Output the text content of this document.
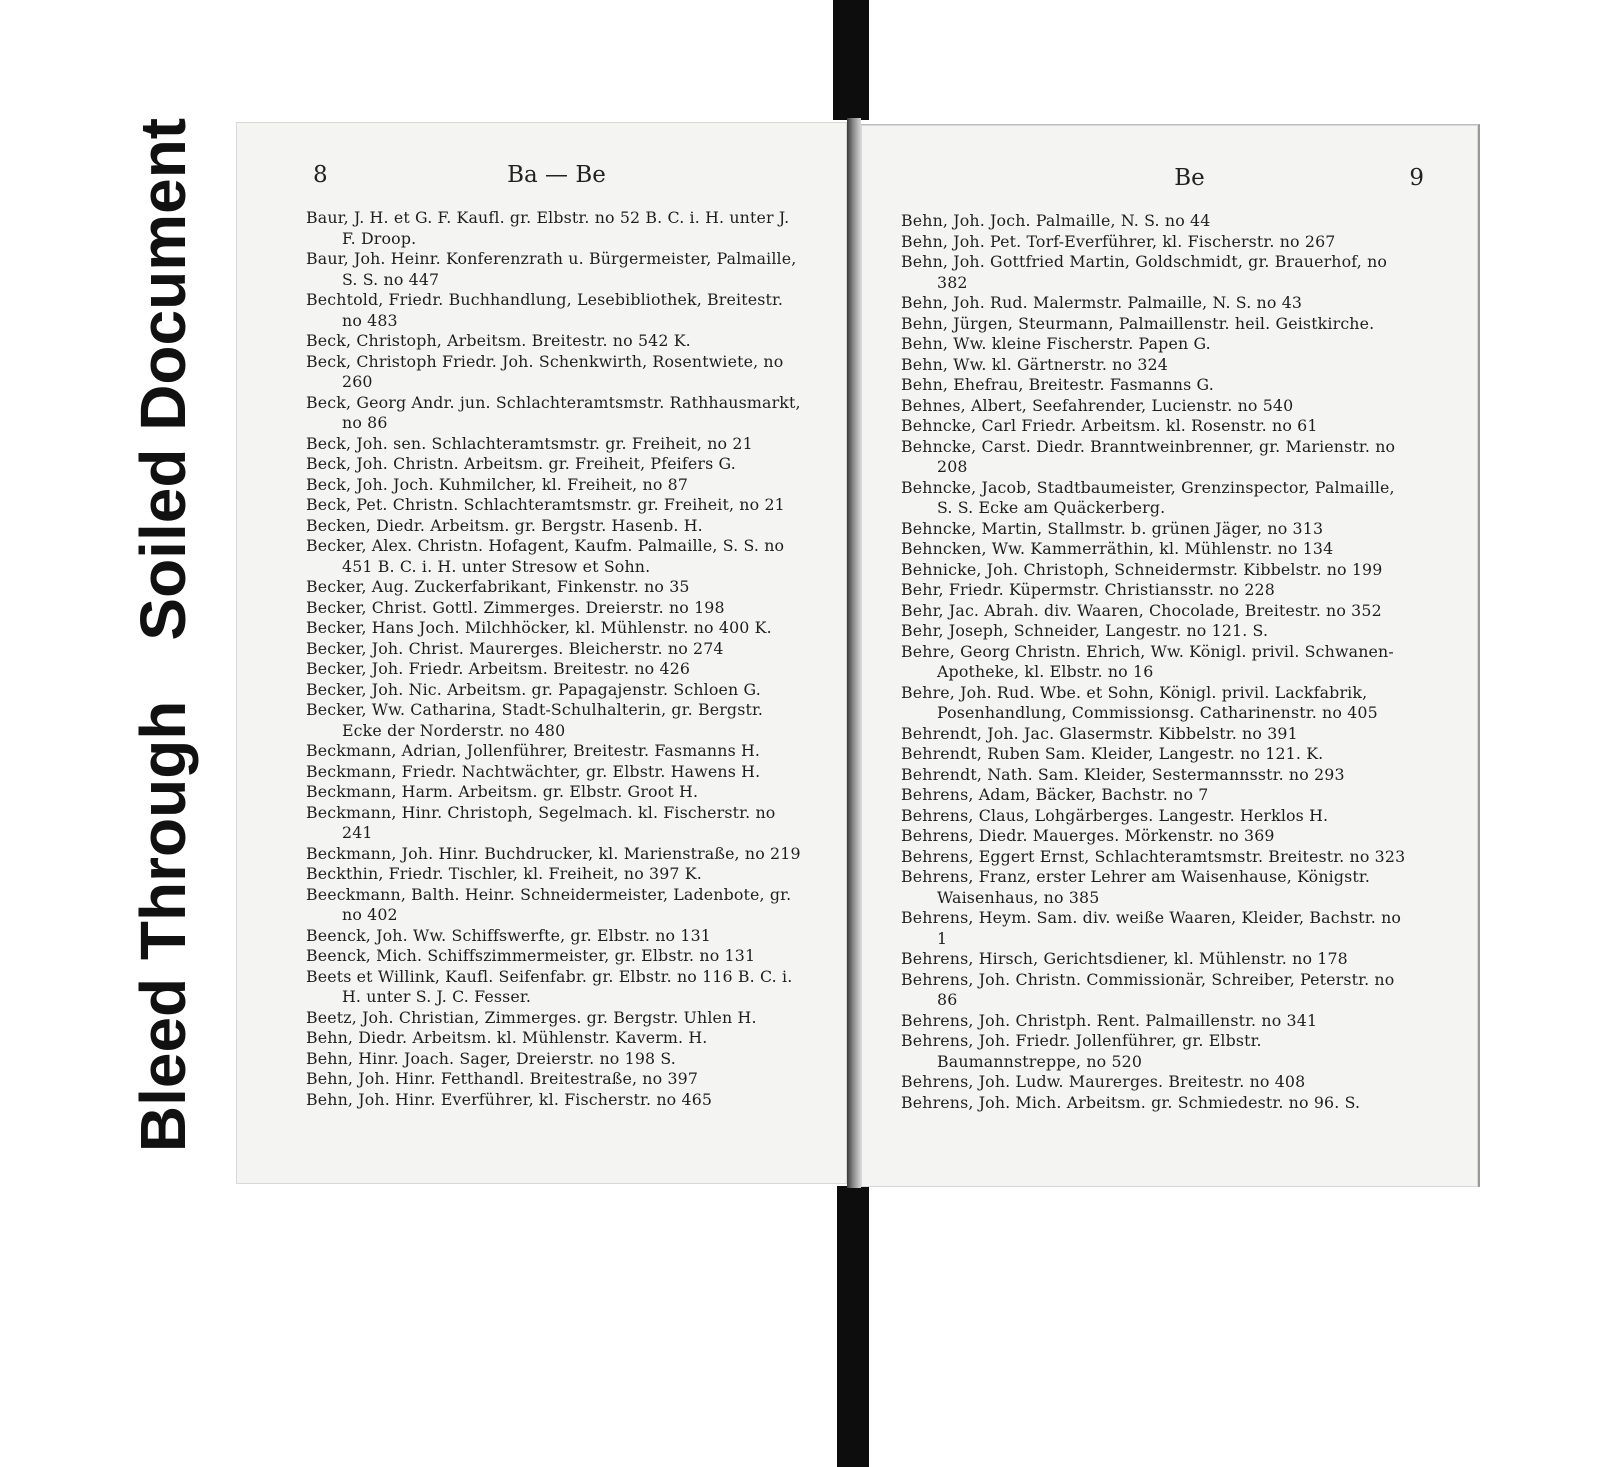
Bleed Through
Soiled Document	8	Ba — Be

Baur, J. H. et G. F. Kaufl. gr. Elbstr. no 52 B. C. i. H. unter J. F. Droop.

Baur, Joh. Heinr. Konferenzrath u. Bürgermeister, Palmaille, S. S. no 447

Bechtold, Friedr. Buchhandlung, Lesebibliothek, Breitestr. no 483

Beck, Christoph, Arbeitsm. Breitestr. no 542 K.

Beck, Christoph Friedr. Joh. Schenkwirth, Rosentwiete, no 260

Beck, Georg Andr. jun. Schlachteramtsmstr. Rathhausmarkt, no 86

Beck, Joh. sen. Schlachteramtsmstr. gr. Freiheit, no 21

Beck, Joh. Christn. Arbeitsm. gr. Freiheit, Pfeifers G.

Beck, Joh. Joch. Kuhmilcher, kl. Freiheit, no 87

Beck, Pet. Christn. Schlachteramtsmstr. gr. Freiheit, no 21

Becken, Diedr. Arbeitsm. gr. Bergstr. Hasenb. H.

Becker, Alex. Christn. Hofagent, Kaufm. Palmaille, S. S. no 451 B. C. i. H. unter Stresow et Sohn.

Becker, Aug. Zuckerfabrikant, Finkenstr. no 35

Becker, Christ. Gottl. Zimmerges. Dreierstr. no 198

Becker, Hans Joch. Milchhöcker, kl. Mühlenstr. no 400 K.

Becker, Joh. Christ. Maurerges. Bleicherstr. no 274

Becker, Joh. Friedr. Arbeitsm. Breitestr. no 426

Becker, Joh. Nic. Arbeitsm. gr. Papagajenstr. Schloen G.

Becker, Ww. Catharina, Stadt-Schulhalterin, gr. Bergstr. Ecke der Norderstr. no 480

Beckmann, Adrian, Jollenführer, Breitestr. Fasmanns H.

Beckmann, Friedr. Nachtwächter, gr. Elbstr. Hawens H.

Beckmann, Harm. Arbeitsm. gr. Elbstr. Groot H.

Beckmann, Hinr. Christoph, Segelmach. kl. Fischerstr. no 241

Beckmann, Joh. Hinr. Buchdrucker, kl. Marienstraße, no 219

Beckthin, Friedr. Tischler, kl. Freiheit, no 397 K.

Beeckmann, Balth. Heinr. Schneidermeister, Ladenbote, gr. no 402

Beenck, Joh. Ww. Schiffswerfte, gr. Elbstr. no 131

Beenck, Mich. Schiffszimmermeister, gr. Elbstr. no 131

Beets et Willink, Kaufl. Seifenfabr. gr. Elbstr. no 116 B. C. i. H. unter S. J. C. Fesser.

Beetz, Joh. Christian, Zimmerges. gr. Bergstr. Uhlen H.

Behn, Diedr. Arbeitsm. kl. Mühlenstr. Kaverm. H.

Behn, Hinr. Joach. Sager, Dreierstr. no 198 S.

Behn, Joh. Hinr. Fetthandl. Breitestraße, no 397

Behn, Joh. Hinr. Everführer, kl. Fischerstr. no 465

Be	9

Behn, Joh. Joch. Palmaille, N. S. no 44

Behn, Joh. Pet. Torf-Everführer, kl. Fischerstr. no 267

Behn, Joh. Gottfried Martin, Goldschmidt, gr. Brauerhof, no 382

Behn, Joh. Rud. Malermstr. Palmaille, N. S. no 43

Behn, Jürgen, Steurmann, Palmaillenstr. heil. Geistkirche.

Behn, Ww. kleine Fischerstr. Papen G.

Behn, Ww. kl. Gärtnerstr. no 324

Behn, Ehefrau, Breitestr. Fasmanns G.

Behnes, Albert, Seefahrender, Lucienstr. no 540

Behncke, Carl Friedr. Arbeitsm. kl. Rosenstr. no 61

Behncke, Carst. Diedr. Branntweinbrenner, gr. Marienstr. no 208

Behncke, Jacob, Stadtbaumeister, Grenzinspector, Palmaille, S. S. Ecke am Quäckerberg.

Behncke, Martin, Stallmstr. b. grünen Jäger, no 313

Behncken, Ww. Kammerräthin, kl. Mühlenstr. no 134

Behnicke, Joh. Christoph, Schneidermstr. Kibbelstr. no 199

Behr, Friedr. Küpermstr. Christiansstr. no 228

Behr, Jac. Abrah. div. Waaren, Chocolade, Breitestr. no 352

Behr, Joseph, Schneider, Langestr. no 121. S.

Behre, Georg Christn. Ehrich, Ww. Königl. privil. Schwanen-Apotheke, kl. Elbstr. no 16

Behre, Joh. Rud. Wbe. et Sohn, Königl. privil. Lackfabrik, Posenhandlung, Commissionsg. Catharinenstr. no 405

Behrendt, Joh. Jac. Glasermstr. Kibbelstr. no 391

Behrendt, Ruben Sam. Kleider, Langestr. no 121. K.

Behrendt, Nath. Sam. Kleider, Sestermannsstr. no 293

Behrens, Adam, Bäcker, Bachstr. no 7

Behrens, Claus, Lohgärberges. Langestr. Herklos H.

Behrens, Diedr. Mauerges. Mörkenstr. no 369

Behrens, Eggert Ernst, Schlachteramtsmstr. Breitestr. no 323

Behrens, Franz, erster Lehrer am Waisenhause, Königstr. Waisenhaus, no 385

Behrens, Heym. Sam. div. weiße Waaren, Kleider, Bachstr. no 1

Behrens, Hirsch, Gerichtsdiener, kl. Mühlenstr. no 178

Behrens, Joh. Christn. Commissionär, Schreiber, Peterstr. no 86

Behrens, Joh. Christph. Rent. Palmaillenstr. no 341

Behrens, Joh. Friedr. Jollenführer, gr. Elbstr. Baumannstreppe, no 520

Behrens, Joh. Ludw. Maurerges. Breitestr. no 408

Behrens, Joh. Mich. Arbeitsm. gr. Schmiedestr. no 96. S.
